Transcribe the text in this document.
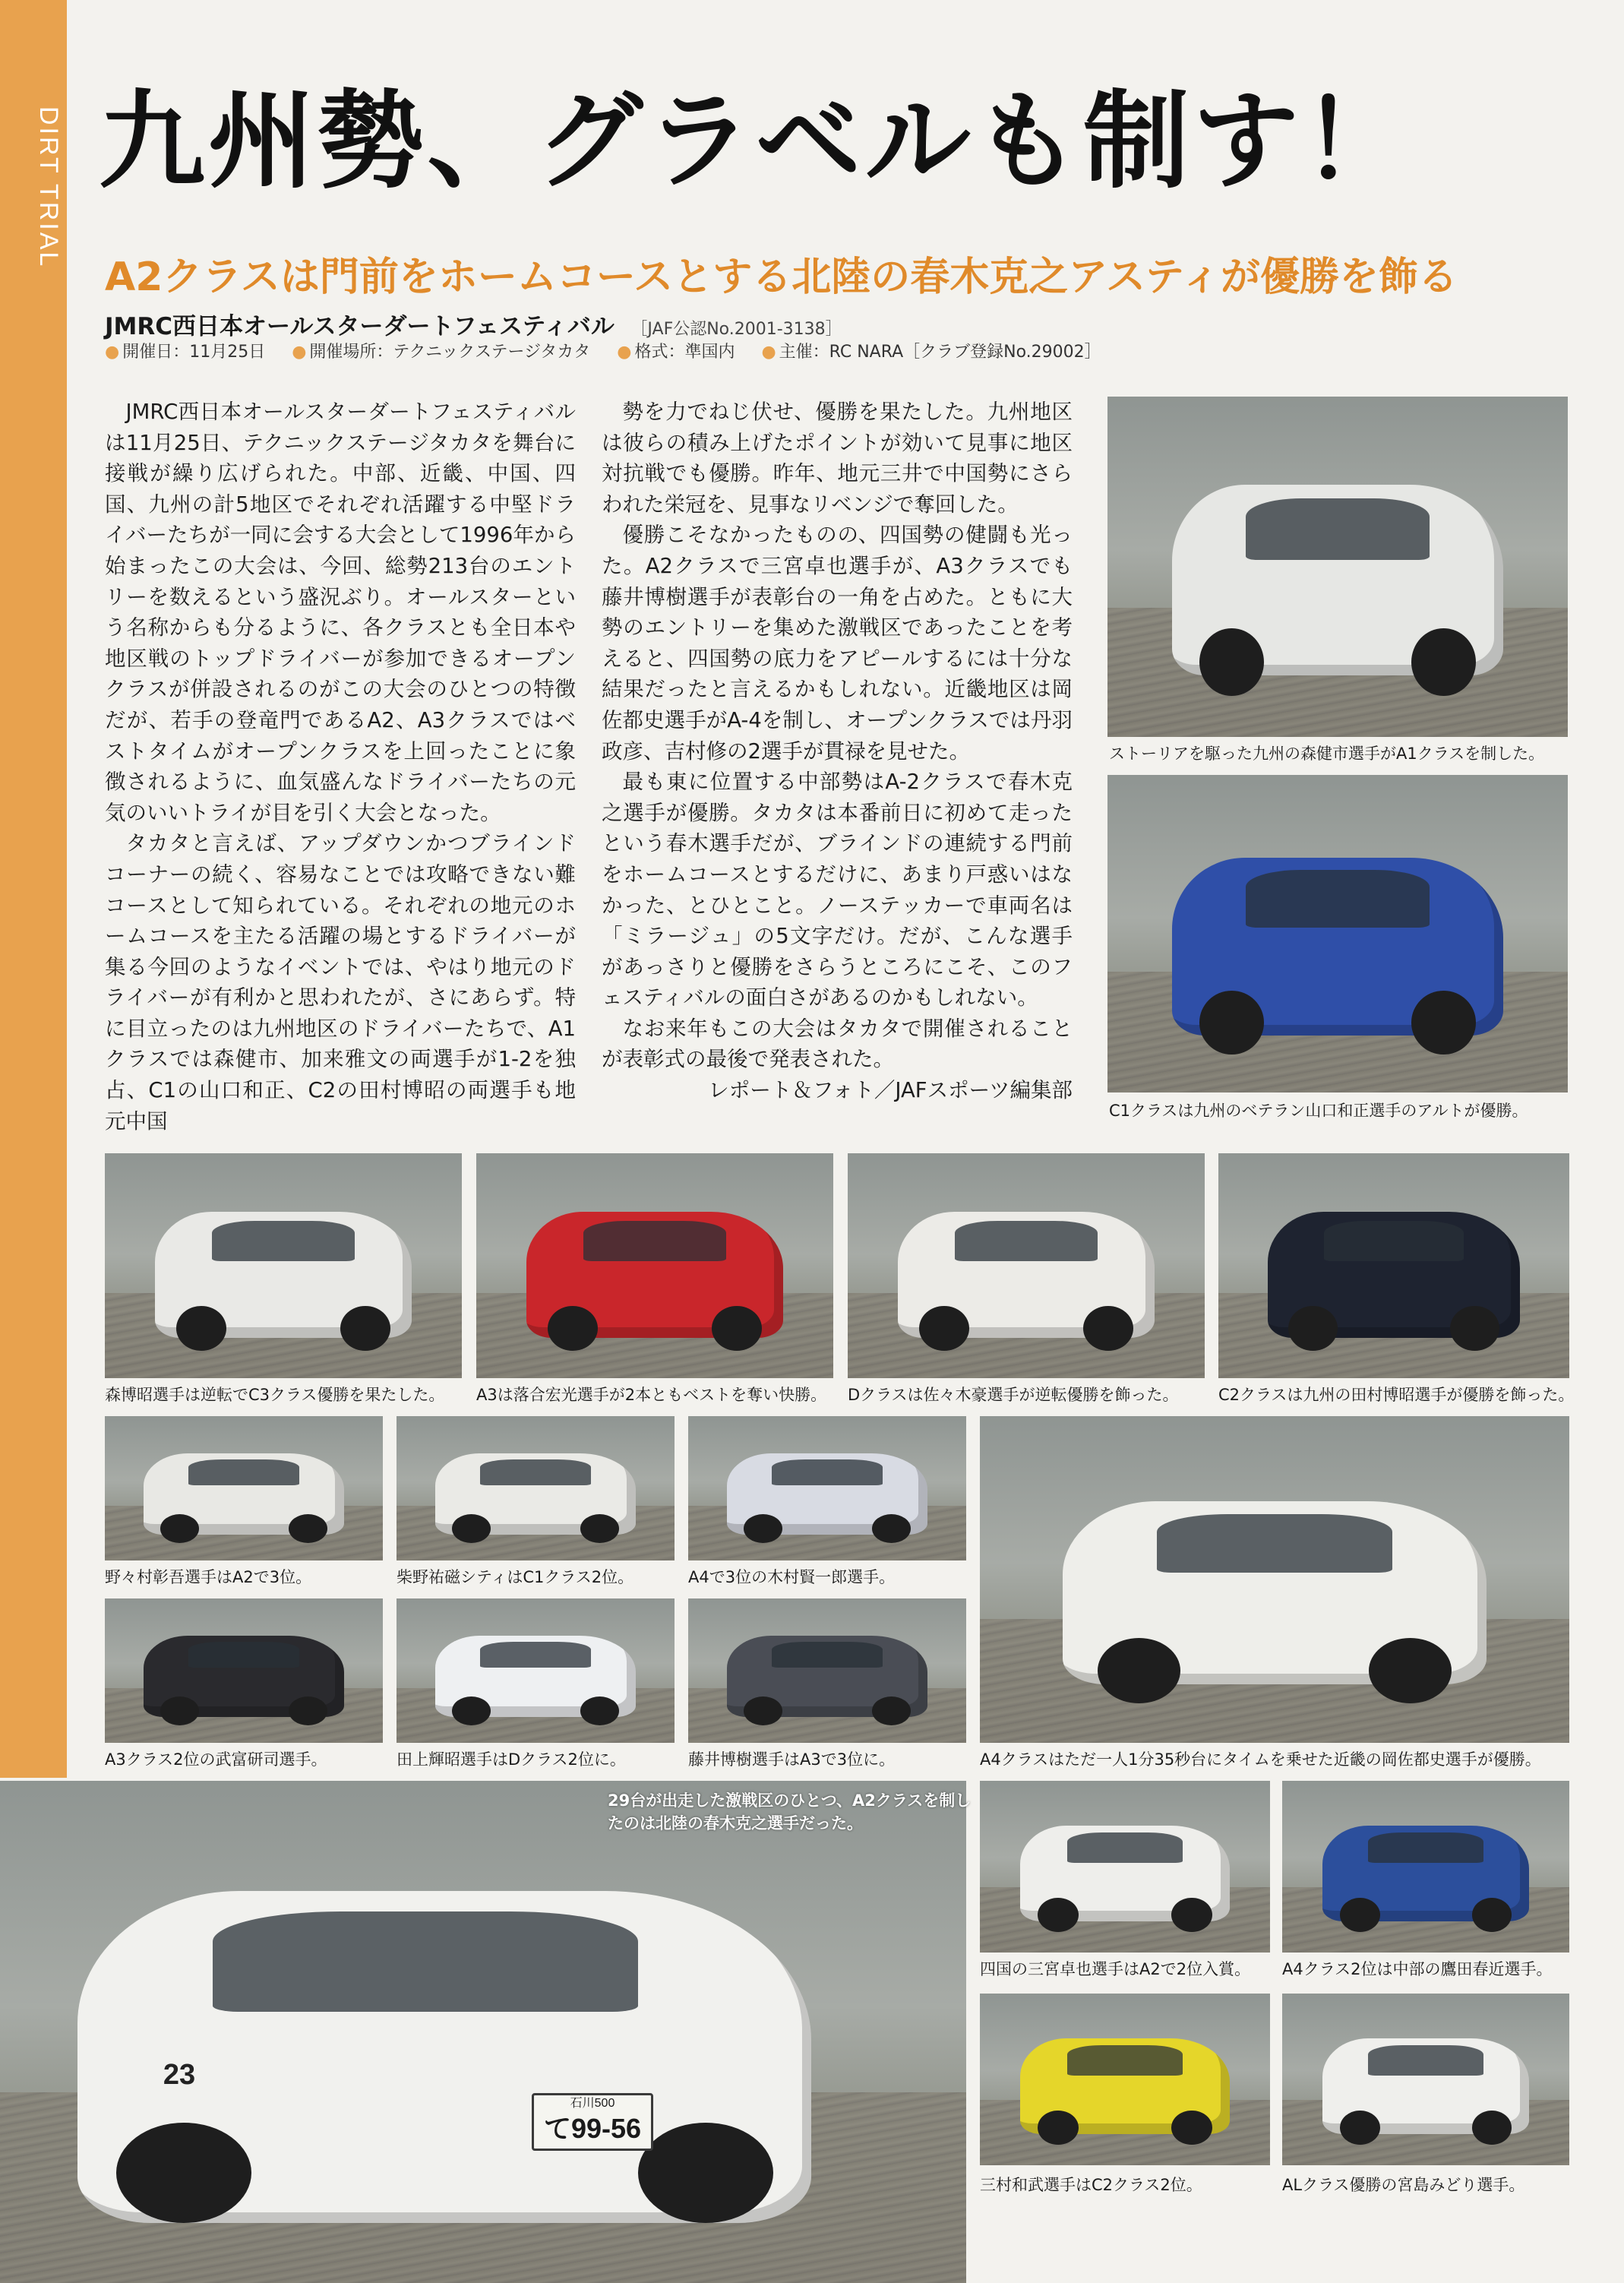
DIRT TRIAL 九州勢、グラベルも制す！
A2クラスは門前をホームコースとする北陸の春木克之アスティが優勝を飾る
JMRC西日本オールスターダートフェスティバル ［JAF公認No.2001-3138］
● 開催日：11月25日 ● 開催場所：テクニックステージタカタ ● 格式：準国内 ● 主催：RC NARA［クラブ登録No.29002］

JMRC西日本オールスターダートフェスティバルは11月25日、テクニックステージタカタを舞台に接戦が繰り広げられた。中部、近畿、中国、四国、九州の計5地区でそれぞれ活躍する中堅ドライバーたちが一同に会する大会として1996年から始まったこの大会は、今回、総勢213台のエントリーを数えるという盛況ぶり。オールスターという名称からも分るように、各クラスとも全日本や地区戦のトップドライバーが参加できるオープンクラスが併設されるのがこの大会のひとつの特徴だが、若手の登竜門であるA2、A3クラスではベストタイムがオープンクラスを上回ったことに象徴されるように、血気盛んなドライバーたちの元気のいいトライが目を引く大会となった。

タカタと言えば、アップダウンかつブラインドコーナーの続く、容易なことでは攻略できない難コースとして知られている。それぞれの地元のホームコースを主たる活躍の場とするドライバーが集る今回のようなイベントでは、やはり地元のドライバーが有利かと思われたが、さにあらず。特に目立ったのは九州地区のドライバーたちで、A1クラスでは森健市、加来雅文の両選手が1-2を独占、C1の山口和正、C2の田村博昭の両選手も地元中国

勢を力でねじ伏せ、優勝を果たした。九州地区は彼らの積み上げたポイントが効いて見事に地区対抗戦でも優勝。昨年、地元三井で中国勢にさらわれた栄冠を、見事なリベンジで奪回した。

優勝こそなかったものの、四国勢の健闘も光った。A2クラスで三宮卓也選手が、A3クラスでも藤井博樹選手が表彰台の一角を占めた。ともに大勢のエントリーを集めた激戦区であったことを考えると、四国勢の底力をアピールするには十分な結果だったと言えるかもしれない。近畿地区は岡佐都史選手がA-4を制し、オープンクラスでは丹羽政彦、吉村修の2選手が貫禄を見せた。

最も東に位置する中部勢はA-2クラスで春木克之選手が優勝。タカタは本番前日に初めて走ったという春木選手だが、ブラインドの連続する門前をホームコースとするだけに、あまり戸惑いはなかった、とひとこと。ノーステッカーで車両名は「ミラージュ」の5文字だけ。だが、こんな選手があっさりと優勝をさらうところにこそ、このフェスティバルの面白さがあるのかもしれない。

なお来年もこの大会はタカタで開催されることが表彰式の最後で発表された。

レポート＆フォト／JAFスポーツ編集部

ストーリアを駆った九州の森健市選手がA1クラスを制した。
C1クラスは九州のベテラン山口和正選手のアルトが優勝。
森博昭選手は逆転でC3クラス優勝を果たした。 A3は落合宏光選手が2本ともベストを奪い快勝。 Dクラスは佐々木豪選手が逆転優勝を飾った。 C2クラスは九州の田村博昭選手が優勝を飾った。
野々村彰吾選手はA2で3位。	柴野祐磁シティはC1クラス2位。	A4で3位の木村賢一郎選手。
A3クラス2位の武富研司選手。	田上輝昭選手はDクラス2位に。	藤井博樹選手はA3で3位に。	A4クラスはただ一人1分35秒台にタイムを乗せた近畿の岡佐都史選手が優勝。
29台が出走した激戦区のひとつ、A2クラスを制したのは北陸の春木克之選手だった。
23
石川500
て99-56
四国の三宮卓也選手はA2で2位入賞。 A4クラス2位は中部の鷹田春近選手。
三村和武選手はC2クラス2位。	ALクラス優勝の宮島みどり選手。
